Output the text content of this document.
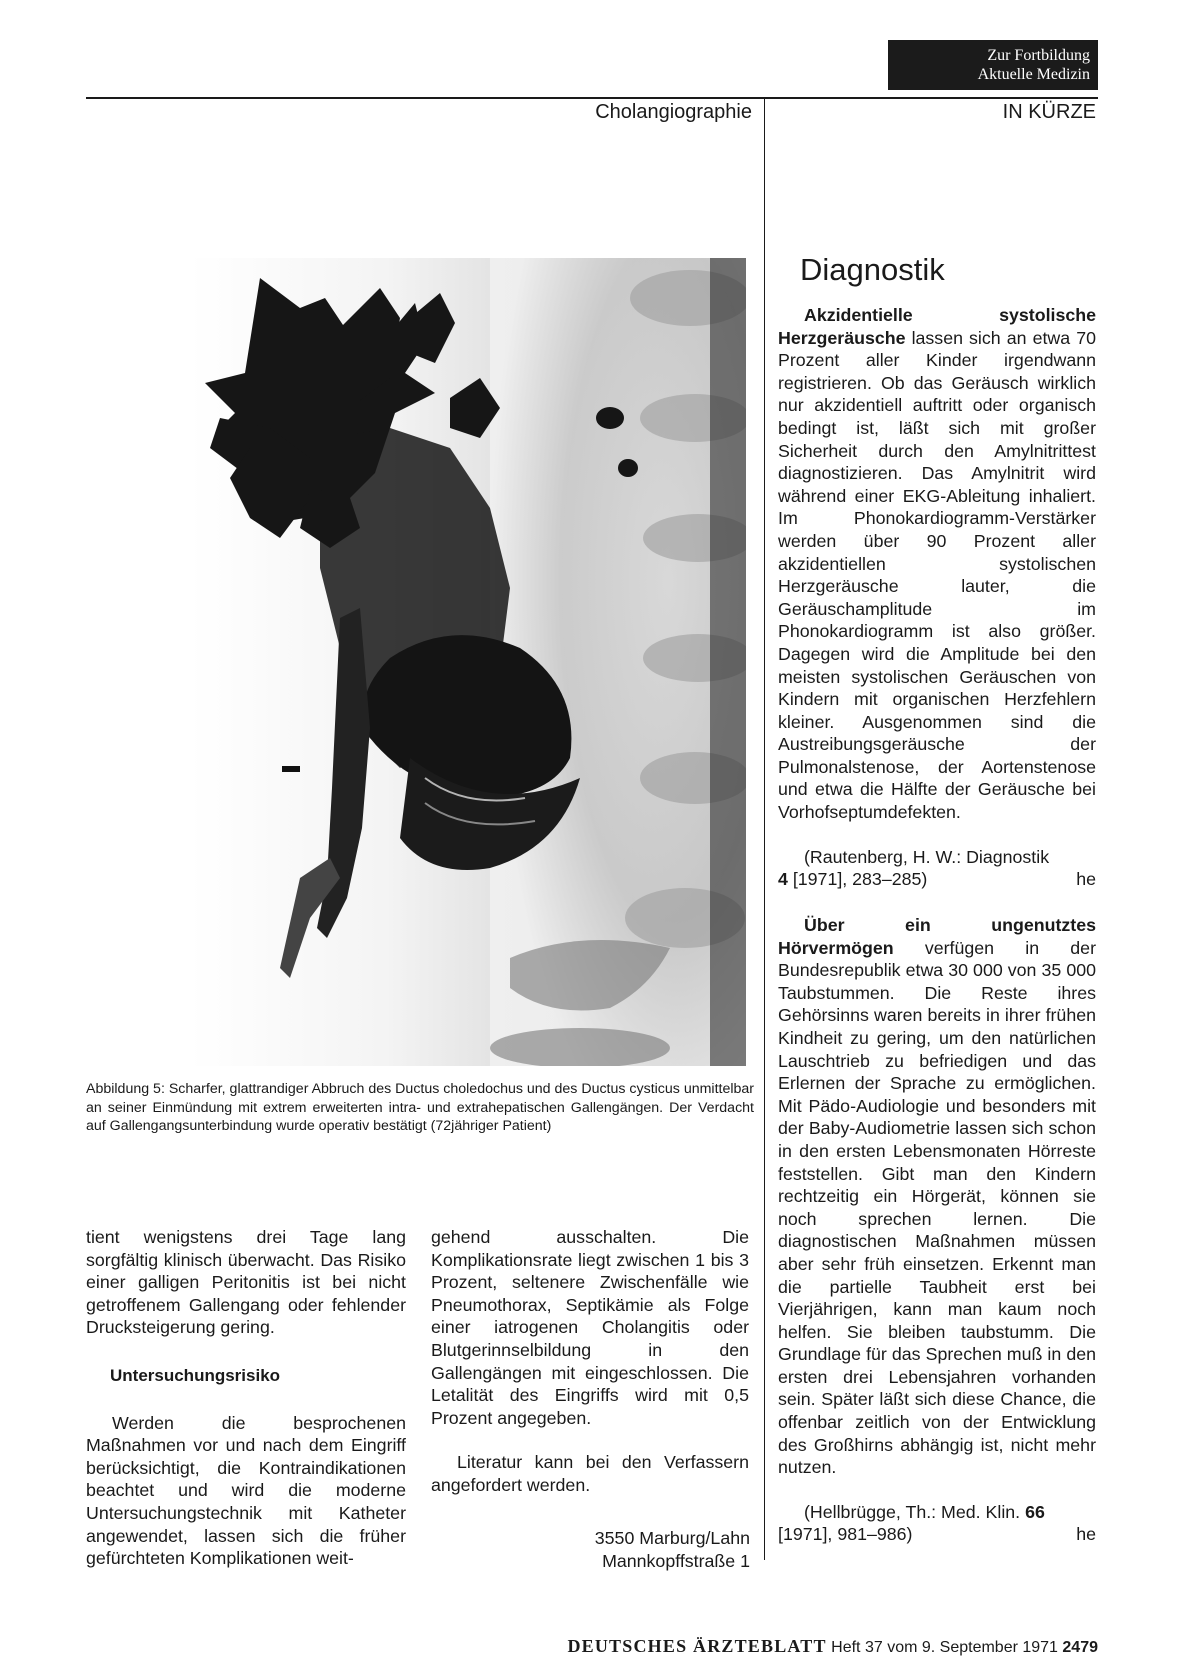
Zur Fortbildung
Aktuelle Medizin
Cholangiographie	IN KÜRZE
Abbildung 5: Scharfer, glattrandiger Abbruch des Ductus choledochus und des Ductus cysticus unmittelbar an seiner Einmündung mit extrem erweiterten intra- und extrahepatischen Gallengängen. Der Verdacht auf Gallengangsunterbindung wurde operativ bestätigt (72jähriger Patient)

tient wenigstens drei Tage lang sorgfältig klinisch überwacht. Das Risiko einer galligen Peritonitis ist bei nicht getroffenem Gallengang oder fehlender Drucksteigerung gering.

Untersuchungsrisiko

Werden die besprochenen Maßnahmen vor und nach dem Eingriff berücksichtigt, die Kontraindikationen beachtet und wird die moderne Untersuchungstechnik mit Katheter angewendet, lassen sich die früher gefürchteten Komplikationen weit-

gehend ausschalten. Die Komplikationsrate liegt zwischen 1 bis 3 Prozent, seltenere Zwischenfälle wie Pneumothorax, Septikämie als Folge einer iatrogenen Cholangitis oder Blutgerinnselbildung in den Gallengängen mit eingeschlossen. Die Letalität des Eingriffs wird mit 0,5 Prozent angegeben.

Literatur kann bei den Verfassern angefordert werden.

3550 Marburg/Lahn
Mannkopffstraße 1
Diagnostik

Akzidentielle systolische Herzgeräusche lassen sich an etwa 70 Prozent aller Kinder irgendwann registrieren. Ob das Geräusch wirklich nur akzidentiell auftritt oder organisch bedingt ist, läßt sich mit großer Sicherheit durch den Amylnitrittest diagnostizieren. Das Amylnitrit wird während einer EKG-Ableitung inhaliert. Im Phonokardiogramm-Verstärker werden über 90 Prozent aller akzidentiellen systolischen Herzgeräusche lauter, die Geräuschamplitude im Phonokardiogramm ist also größer. Dagegen wird die Amplitude bei den meisten systolischen Geräuschen von Kindern mit organischen Herzfehlern kleiner. Ausgenommen sind die Austreibungsgeräusche der Pulmonalstenose, der Aortenstenose und etwa die Hälfte der Geräusche bei Vorhofseptumdefekten.

(Rautenberg, H. W.: Diagnostik

4 [1971], 283–285)	he

Über ein ungenutztes Hörvermögen verfügen in der Bundesrepublik etwa 30 000 von 35 000 Taubstummen. Die Reste ihres Gehörsinns waren bereits in ihrer frühen Kindheit zu gering, um den natürlichen Lauschtrieb zu befriedigen und das Erlernen der Sprache zu ermöglichen. Mit Pädo-Audiologie und besonders mit der Baby-Audiometrie lassen sich schon in den ersten Lebensmonaten Hörreste feststellen. Gibt man den Kindern rechtzeitig ein Hörgerät, können sie noch sprechen lernen. Die diagnostischen Maßnahmen müssen aber sehr früh einsetzen. Erkennt man die partielle Taubheit erst bei Vierjährigen, kann man kaum noch helfen. Sie bleiben taubstumm. Die Grundlage für das Sprechen muß in den ersten drei Lebensjahren vorhanden sein. Später läßt sich diese Chance, die offenbar zeitlich von der Entwicklung des Großhirns abhängig ist, nicht mehr nutzen.

(Hellbrügge, Th.: Med. Klin. 66

[1971], 981–986)	he
DEUTSCHES ÄRZTEBLATT Heft 37 vom 9. September 1971 2479
